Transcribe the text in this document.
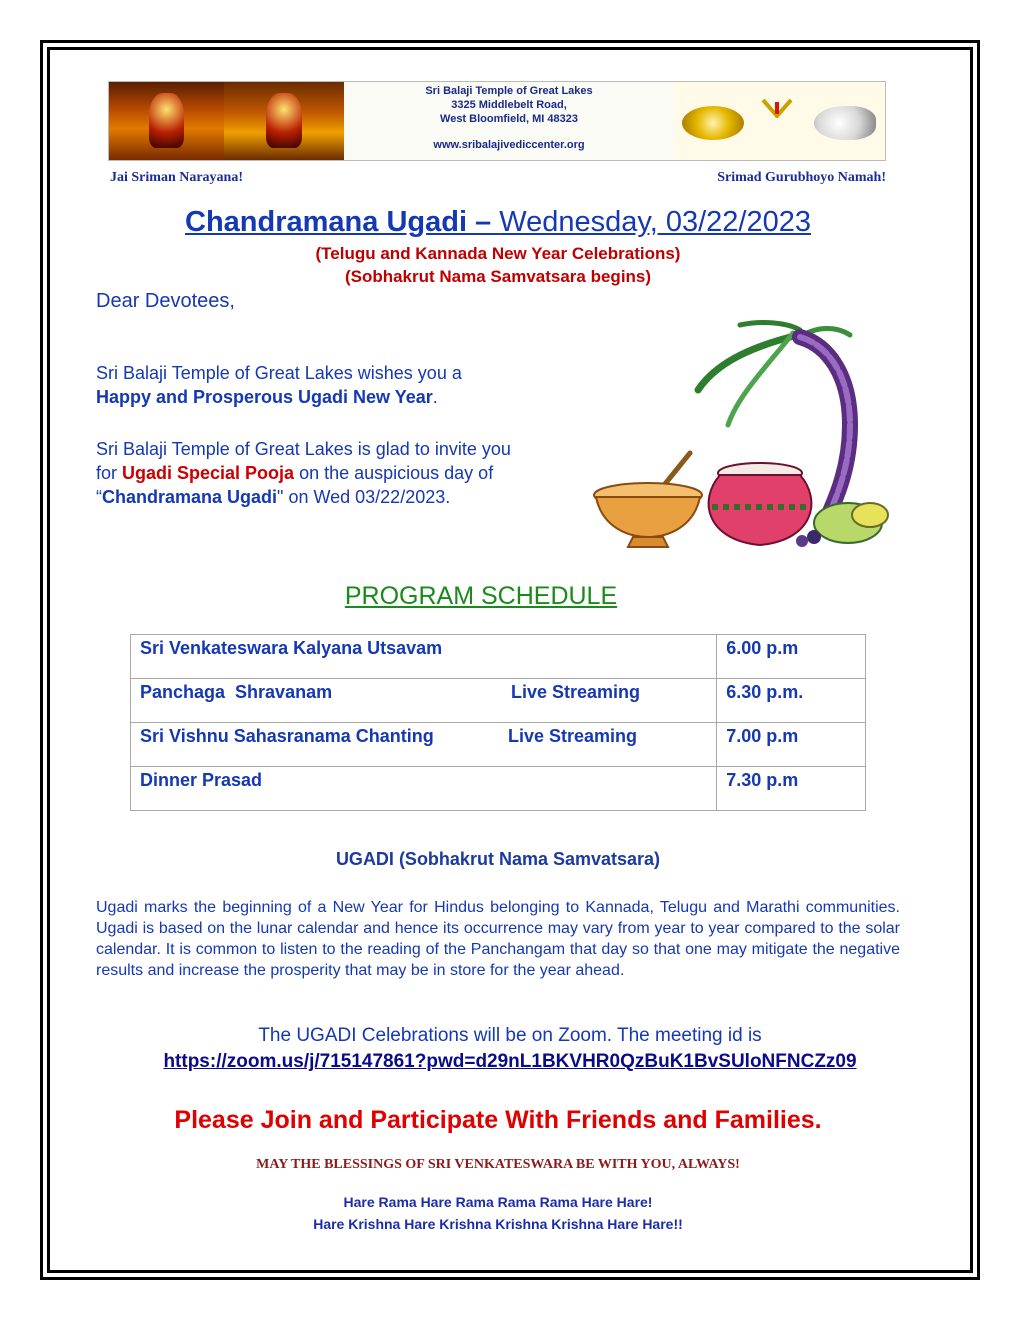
Sri Balaji Temple of Great Lakes
3325 Middlebelt Road,
West Bloomfield, MI 48323
www.sribalajivediccenter.org
Jai Sriman Narayana!	Srimad Gurubhoyo Namah!
Chandramana Ugadi – Wednesday, 03/22/2023
(Telugu and Kannada New Year Celebrations)
(Sobhakrut Nama Samvatsara begins)
Dear Devotees,
Sri Balaji Temple of Great Lakes wishes you a
Happy and Prosperous Ugadi New Year.
Sri Balaji Temple of Great Lakes is glad to invite you
for Ugadi Special Pooja on the auspicious day of
“Chandramana Ugadi" on Wed 03/22/2023.
PROGRAM SCHEDULE
Sri Venkateswara Kalyana Utsavam	6.00 p.m
Panchaga  Shravanam Live Streaming	6.30 p.m.
Sri Vishnu Sahasranama Chanting Live Streaming	7.00 p.m
Dinner Prasad	7.30 p.m
UGADI (Sobhakrut Nama Samvatsara)
Ugadi marks the beginning of a New Year for Hindus belonging to Kannada, Telugu and Marathi communities. Ugadi is based on the lunar calendar and hence its occurrence may vary from year to year compared to the solar calendar. It is common to listen to the reading of the Panchangam that day so that one may mitigate the negative results and increase the prosperity that may be in store for the year ahead.
The UGADI Celebrations will be on Zoom. The meeting id is
https://zoom.us/j/715147861?pwd=d29nL1BKVHR0QzBuK1BvSUloNFNCZz09
Please Join and Participate With Friends and Families.
MAY THE BLESSINGS OF SRI VENKATESWARA BE WITH YOU, ALWAYS!
Hare Rama Hare Rama Rama Rama Hare Hare!
Hare Krishna Hare Krishna Krishna Krishna Hare Hare!!
